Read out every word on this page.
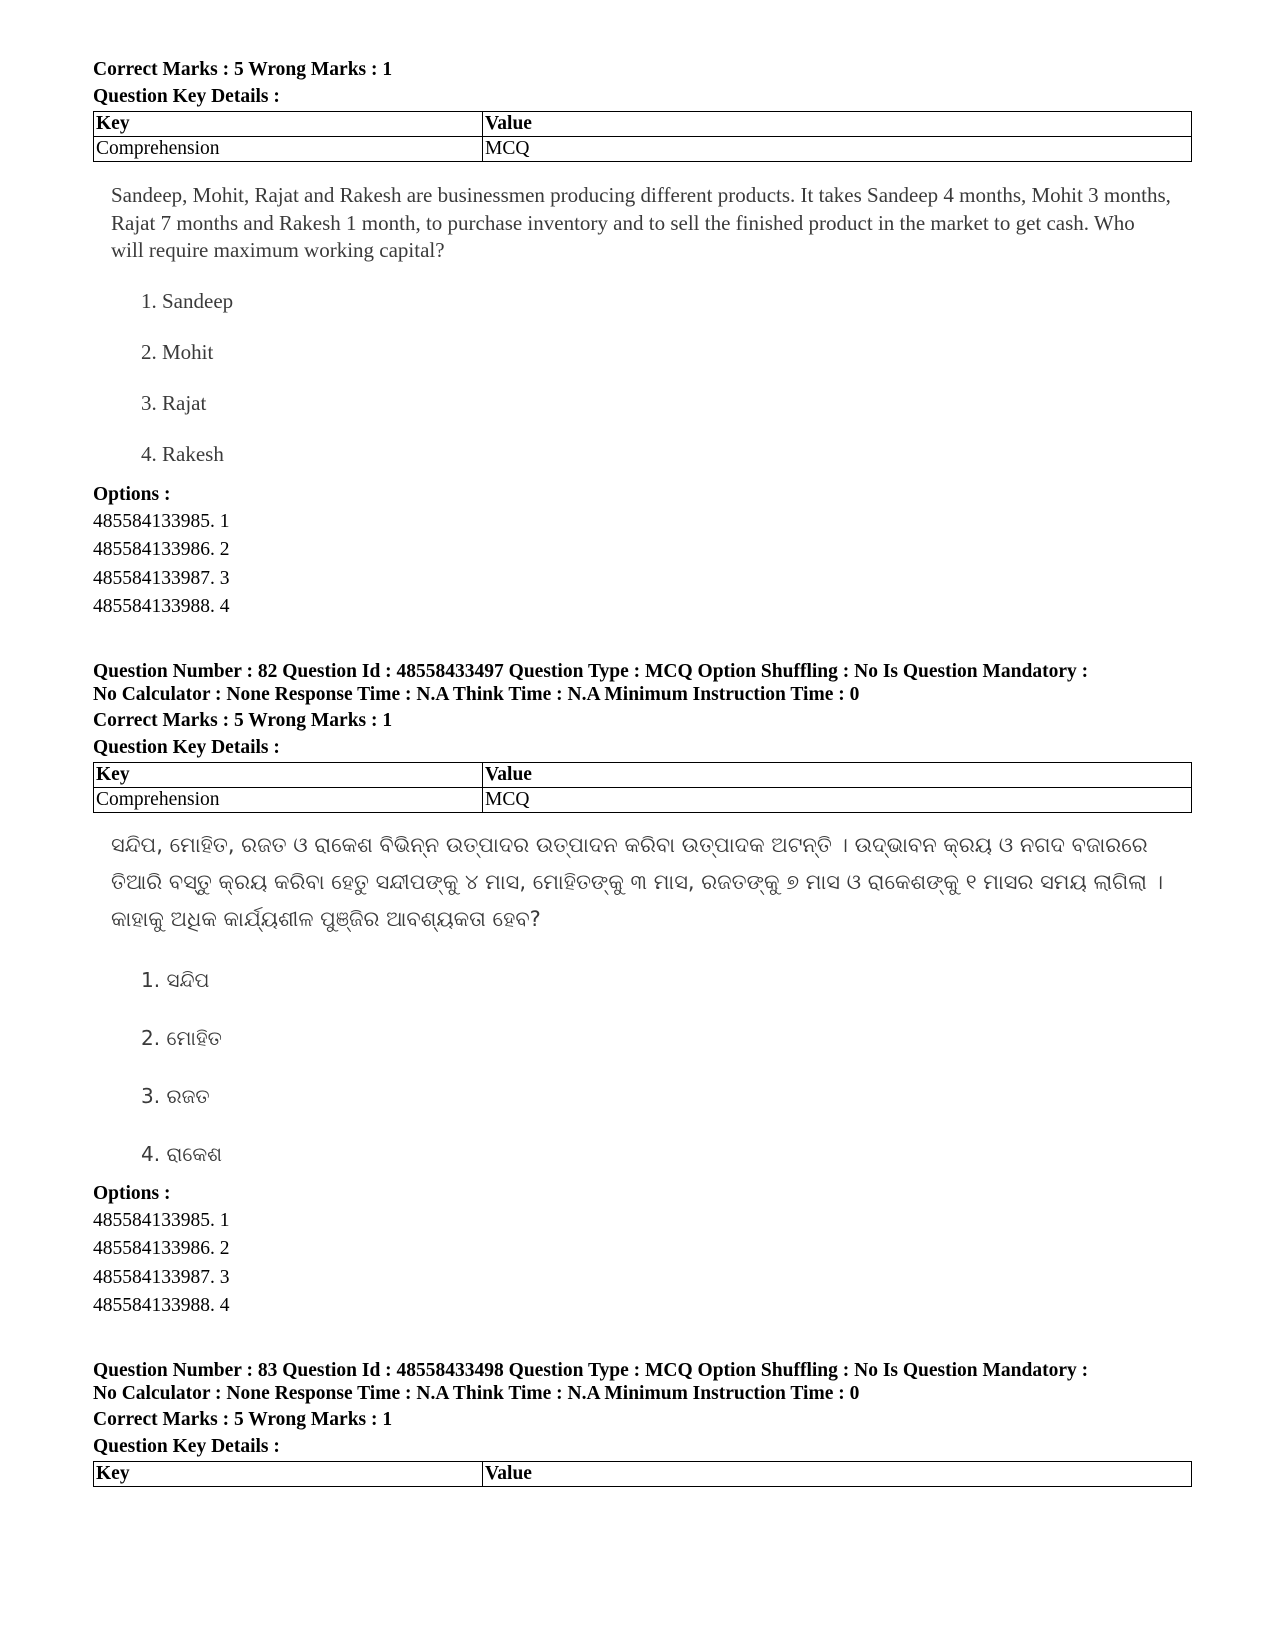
Correct Marks : 5 Wrong Marks : 1
Question Key Details :
Key	Value
Comprehension	MCQ
Sandeep, Mohit, Rajat and Rakesh are businessmen producing different products. It takes Sandeep 4 months, Mohit 3 months, Rajat 7 months and Rakesh 1 month, to purchase inventory and to sell the finished product in the market to get cash. Who will require maximum working capital?
1. Sandeep
2. Mohit
3. Rajat
4. Rakesh
Options :
485584133985. 1
485584133986. 2
485584133987. 3
485584133988. 4
Question Number : 82 Question Id : 48558433497 Question Type : MCQ Option Shuffling : No Is Question Mandatory :
No Calculator : None Response Time : N.A Think Time : N.A Minimum Instruction Time : 0
Correct Marks : 5 Wrong Marks : 1
Question Key Details :
Key	Value
Comprehension	MCQ
ସନ୍ଦିପ, ମୋହିତ, ରଜତ ଓ ରାକେଶ ବିଭିନ୍ନ ଉତ୍ପାଦର ଉତ୍ପାଦନ କରିବା ଉତ୍ପାଦକ ଅଟନ୍ତି । ଉଦ୍ଭାବନ କ୍ରୟ ଓ ନଗଦ ବଜାରରେ ତିଆରି ବସ୍ତୁ କ୍ରୟ କରିବା ହେତୁ ସନ୍ଦୀପଙ୍କୁ ୪ ମାସ, ମୋହିତଙ୍କୁ ୩ ମାସ, ରଜତଙ୍କୁ ୭ ମାସ ଓ ରାକେଶଙ୍କୁ ୧ ମାସର ସମୟ ଲାଗିଲା । କାହାକୁ ଅଧିକ କାର୍ଯ୍ୟଶୀଳ ପୁଞ୍ଜିର ଆବଶ୍ୟକତା ହେବ?
1. ସନ୍ଦିପ
2. ମୋହିତ
3. ରଜତ
4. ରାକେଶ
Options :
485584133985. 1
485584133986. 2
485584133987. 3
485584133988. 4
Question Number : 83 Question Id : 48558433498 Question Type : MCQ Option Shuffling : No Is Question Mandatory :
No Calculator : None Response Time : N.A Think Time : N.A Minimum Instruction Time : 0
Correct Marks : 5 Wrong Marks : 1
Question Key Details :
Key	Value
